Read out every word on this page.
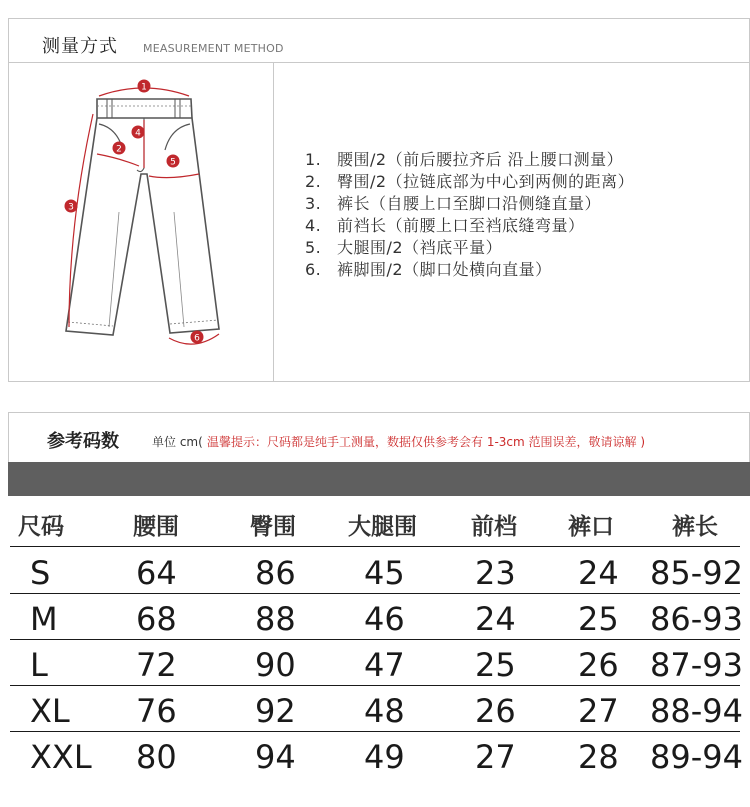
测量方式 MEASUREMENT METHOD
1
2
3
4
5
6
1. 腰围/2（前后腰拉齐后 沿上腰口测量）
2. 臀围/2（拉链底部为中心到两侧的距离）
3. 裤长（自腰上口至脚口沿侧缝直量）
4. 前裆长（前腰上口至裆底缝弯量）
5. 大腿围/2（裆底平量）
6. 裤脚围/2（脚口处横向直量）
参考码数	单位 cm( 温馨提示：尺码都是纯手工测量，数据仅供参考会有 1-3cm 范围误差，敬请谅解 )
尺码	腰围	臀围 大腿围 前档 裤口	裤长
S	64 86 45 23 24 85-92
M 68 88 46 24 25 86-93
L	72 90 47 25 26 87-93
XL 76 92 48 26 27 88-94
XXL 80 94 49 27 28 89-94
